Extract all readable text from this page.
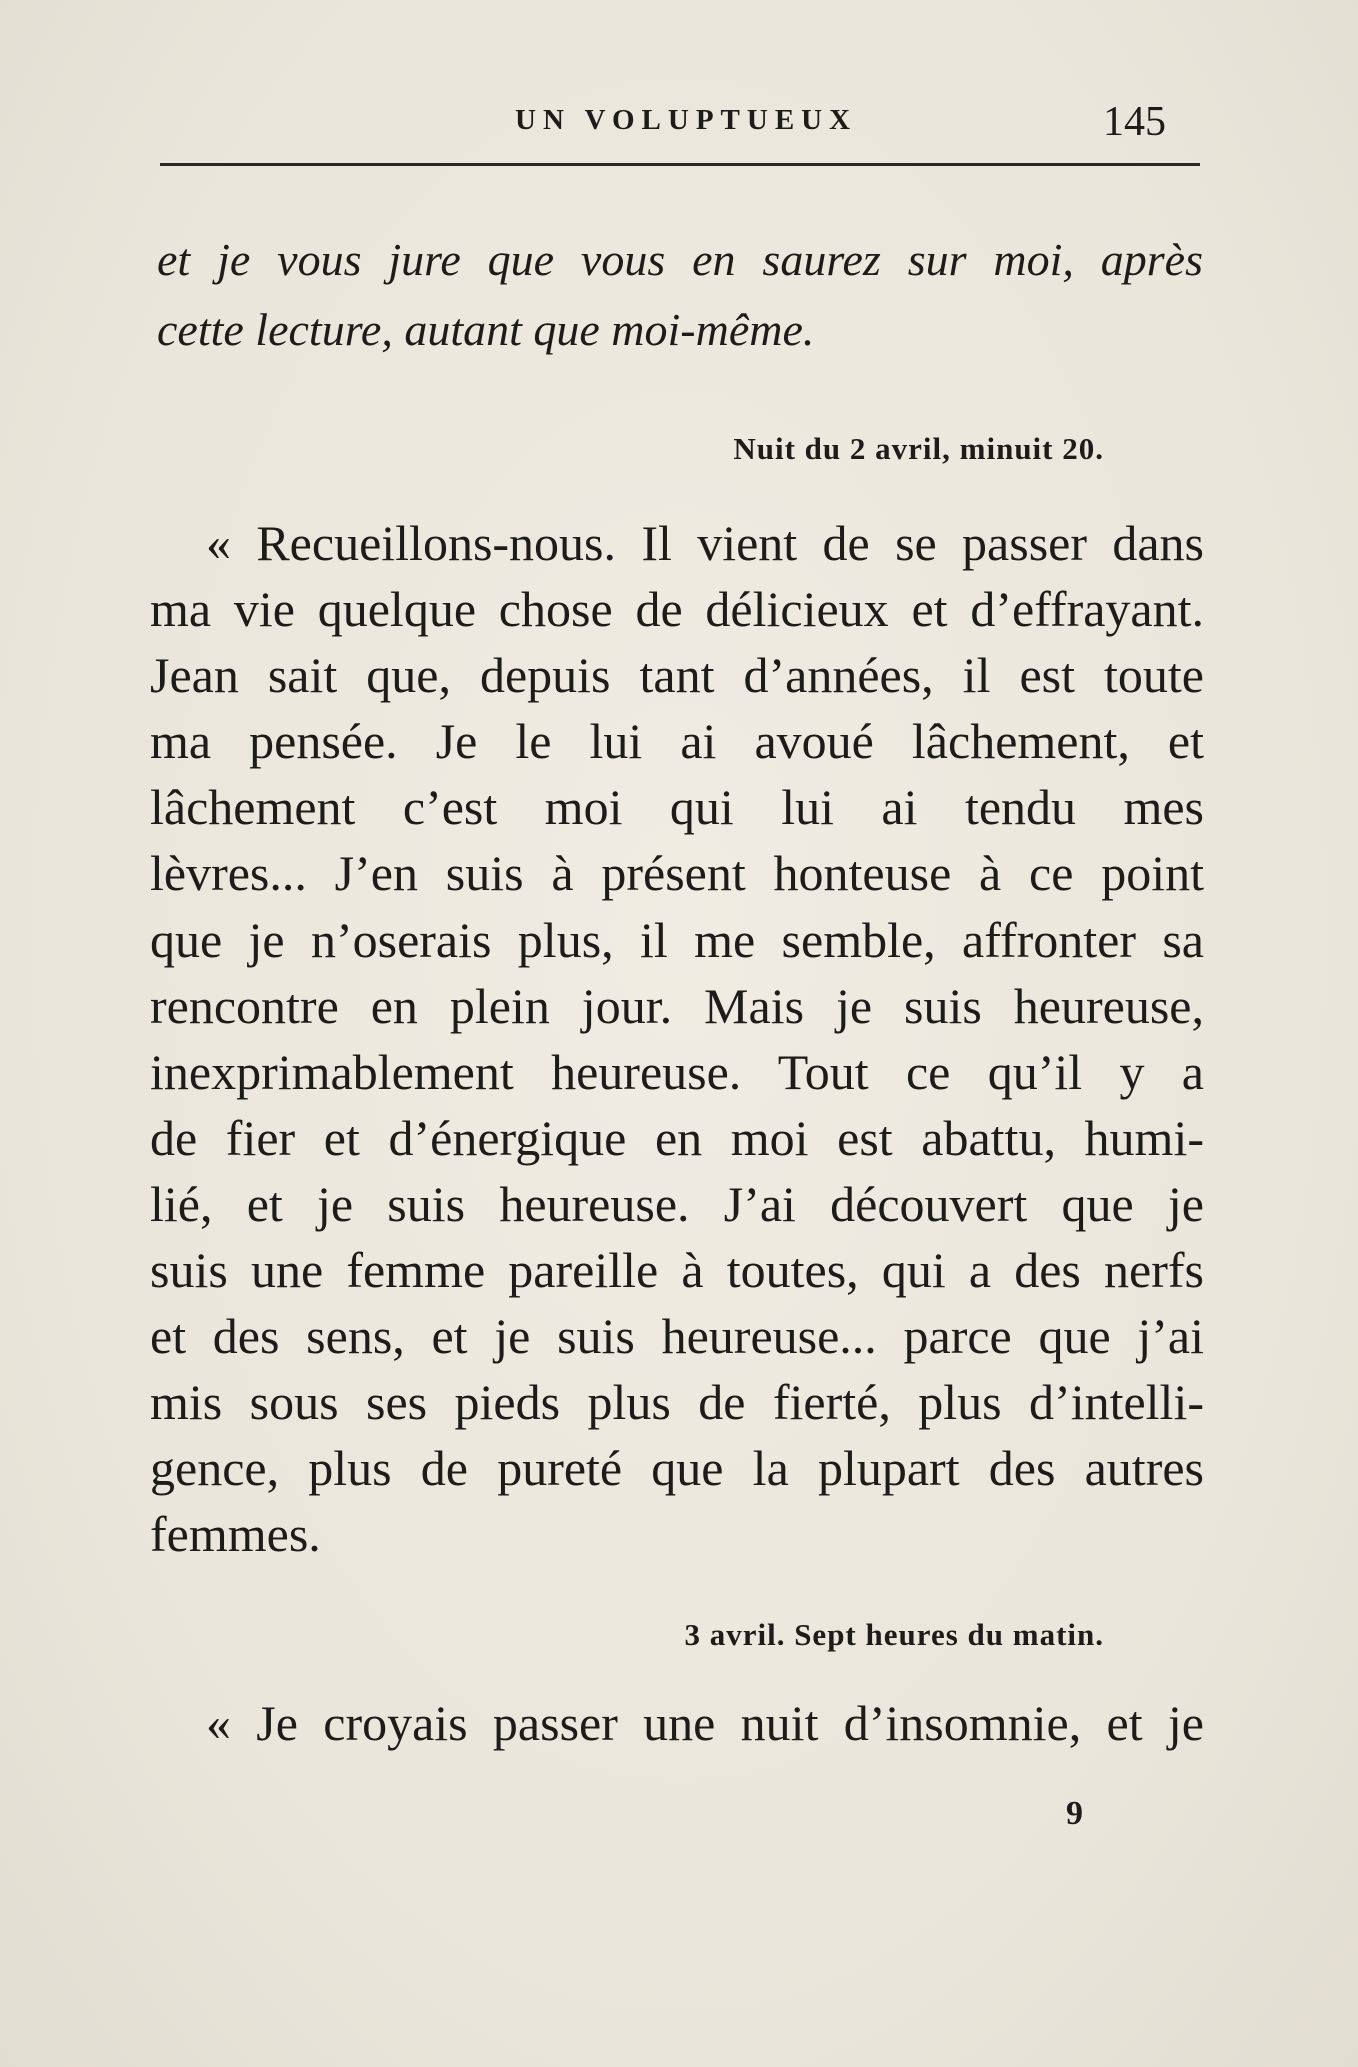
UN VOLUPTUEUX	145
et je vous jure que vous en saurez sur moi, après
cette lecture, autant que moi-même.
Nuit du 2 avril, minuit 20.
« Recueillons-nous. Il vient de se passer dans
ma vie quelque chose de délicieux et d’effrayant.
Jean sait que, depuis tant d’années, il est toute
ma pensée. Je le lui ai avoué lâchement, et
lâchement c’est moi qui lui ai tendu mes
lèvres... J’en suis à présent honteuse à ce point
que je n’oserais plus, il me semble, affronter sa
rencontre en plein jour. Mais je suis heureuse,
inexprimablement heureuse. Tout ce qu’il y a
de fier et d’énergique en moi est abattu, humi-
lié, et je suis heureuse. J’ai découvert que je
suis une femme pareille à toutes, qui a des nerfs
et des sens, et je suis heureuse... parce que j’ai
mis sous ses pieds plus de fierté, plus d’intelli-
gence, plus de pureté que la plupart des autres
femmes.
3 avril. Sept heures du matin.
« Je croyais passer une nuit d’insomnie, et je
9
